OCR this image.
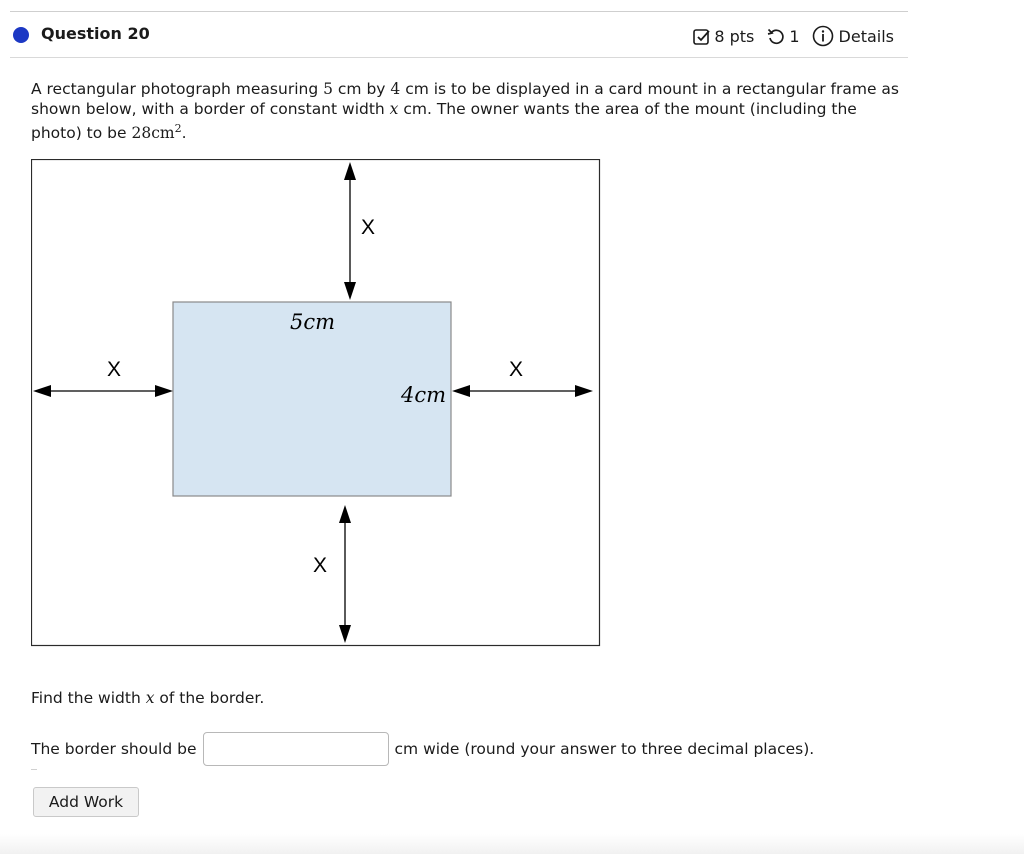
Question 20	8 pts 1 Details
A rectangular photograph measuring 5 cm by 4 cm is to be displayed in a card mount in a rectangular frame as shown below, with a border of constant width x cm. The owner wants the area of the mount (including the photo) to be $28cm^2$.
X
X
X	X
5cm
4cm
Find the width x of the border.
The border should be	cm wide (round your answer to three decimal places).
Add Work
